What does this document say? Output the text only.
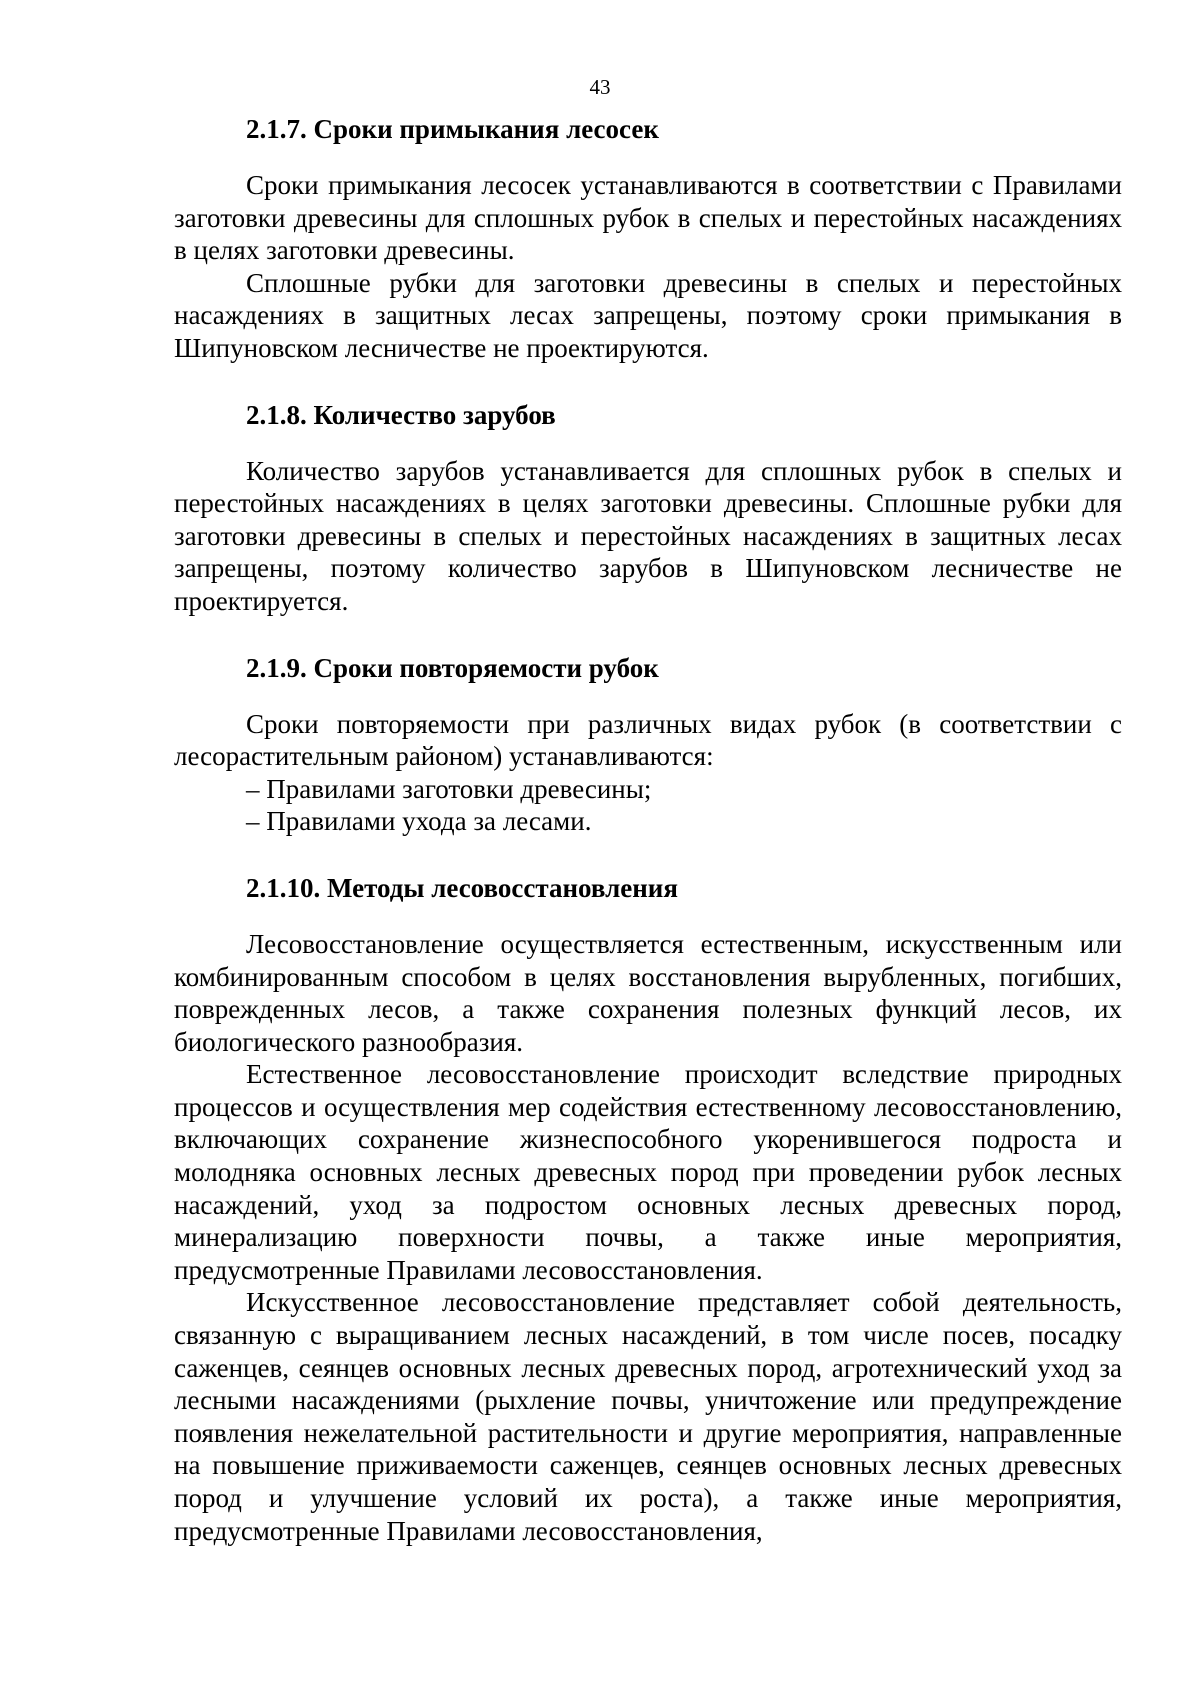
43

2.1.7. Сроки примыкания лесосек

Сроки примыкания лесосек устанавливаются в соответствии с Правилами заготовки древесины для сплошных рубок в спелых и перестойных насаждениях в целях заготовки древесины.

Сплошные рубки для заготовки древесины в спелых и перестойных насаждениях в защитных лесах запрещены, поэтому сроки примыкания в Шипуновском лесничестве не проектируются.

2.1.8. Количество зарубов

Количество зарубов устанавливается для сплошных рубок в спелых и перестойных насаждениях в целях заготовки древесины. Сплошные рубки для заготовки древесины в спелых и перестойных насаждениях в защитных лесах запрещены, поэтому количество зарубов в Шипуновском лесничестве не проектируется.

2.1.9. Сроки повторяемости рубок

Сроки повторяемости при различных видах рубок (в соответствии с лесорастительным районом) устанавливаются:

– Правилами заготовки древесины;

– Правилами ухода за лесами.

2.1.10. Методы лесовосстановления

Лесовосстановление осуществляется естественным, искусственным или комбинированным способом в целях восстановления вырубленных, погибших, поврежденных лесов, а также сохранения полезных функций лесов, их биологического разнообразия.

Естественное лесовосстановление происходит вследствие природных процессов и осуществления мер содействия естественному лесовосстановлению, включающих сохранение жизнеспособного укоренившегося подроста и молодняка основных лесных древесных пород при проведении рубок лесных насаждений, уход за подростом основных лесных древесных пород, минерализацию поверхности почвы, а также иные мероприятия, предусмотренные Правилами лесовосстановления.

Искусственное лесовосстановление представляет собой деятельность, связанную с выращиванием лесных насаждений, в том числе посев, посадку саженцев, сеянцев основных лесных древесных пород, агротехнический уход за лесными насаждениями (рыхление почвы, уничтожение или предупреждение появления нежелательной растительности и другие мероприятия, направленные на повышение приживаемости саженцев, сеянцев основных лесных древесных пород и улучшение условий их роста), а также иные мероприятия, предусмотренные Правилами лесовосстановления,
